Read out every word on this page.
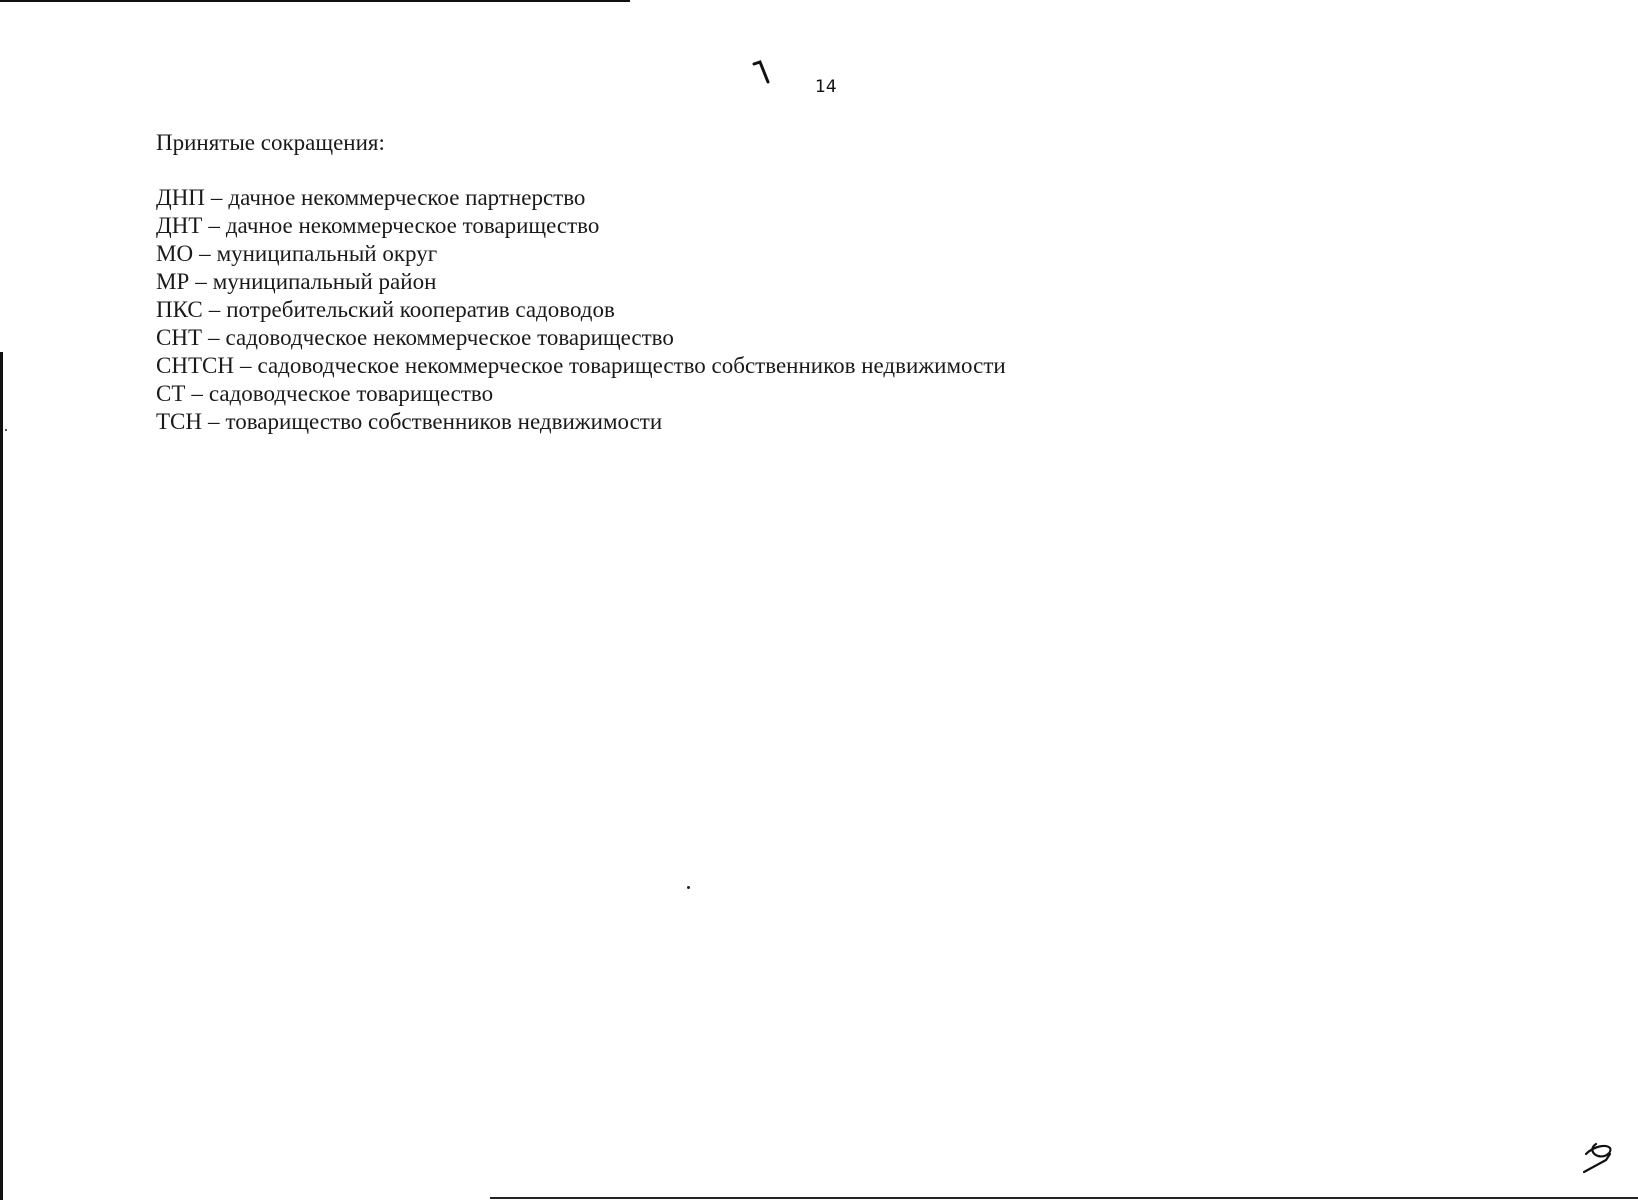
14
Принятые сокращения:
ДНП – дачное некоммерческое партнерство
ДНТ – дачное некоммерческое товарищество
МО – муниципальный округ
МР – муниципальный район
ПКС – потребительский кооператив садоводов
СНТ – садоводческое некоммерческое товарищество
СНТСН – садоводческое некоммерческое товарищество собственников недвижимости
СТ – садоводческое товарищество
ТСН – товарищество собственников недвижимости
